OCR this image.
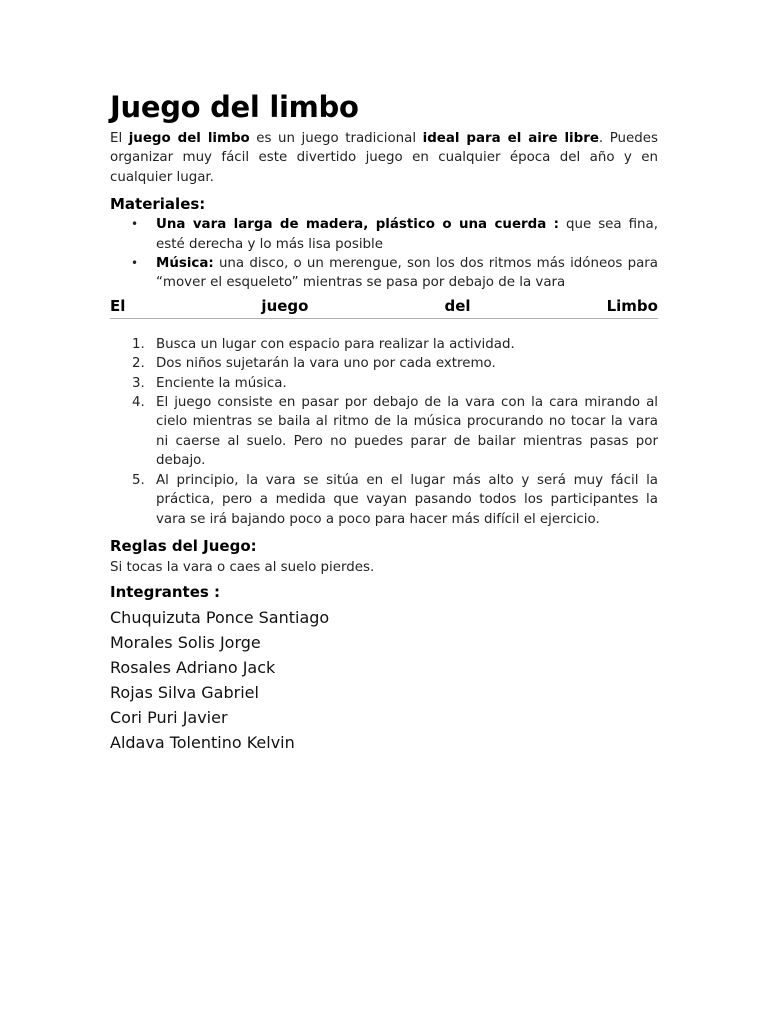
Juego del limbo

El juego del limbo es un juego tradicional ideal para el aire libre. Puedes organizar muy fácil este divertido juego en cualquier época del año y en cualquier lugar.

Materiales:
• Una vara larga de madera, plástico o una cuerda : que sea fina, esté derecha y lo más lisa posible
• Música: una disco, o un merengue, son los dos ritmos más idóneos para “mover el esqueleto” mientras se pasa por debajo de la vara
El	juego	del	Limbo
1. Busca un lugar con espacio para realizar la actividad.
2. Dos niños sujetarán la vara uno por cada extremo.
3. Enciente la música.
4. El juego consiste en pasar por debajo de la vara con la cara mirando al cielo mientras se baila al ritmo de la música procurando no tocar la vara ni caerse al suelo. Pero no puedes parar de bailar mientras pasas por debajo.
5. Al principio, la vara se sitúa en el lugar más alto y será muy fácil la práctica, pero a medida que vayan pasando todos los participantes la vara se irá bajando poco a poco para hacer más difícil el ejercicio.
Reglas del Juego:

Si tocas la vara o caes al suelo pierdes.

Integrantes :
Chuquizuta Ponce Santiago
Morales Solis Jorge
Rosales Adriano Jack
Rojas Silva Gabriel
Cori Puri Javier
Aldava Tolentino Kelvin
